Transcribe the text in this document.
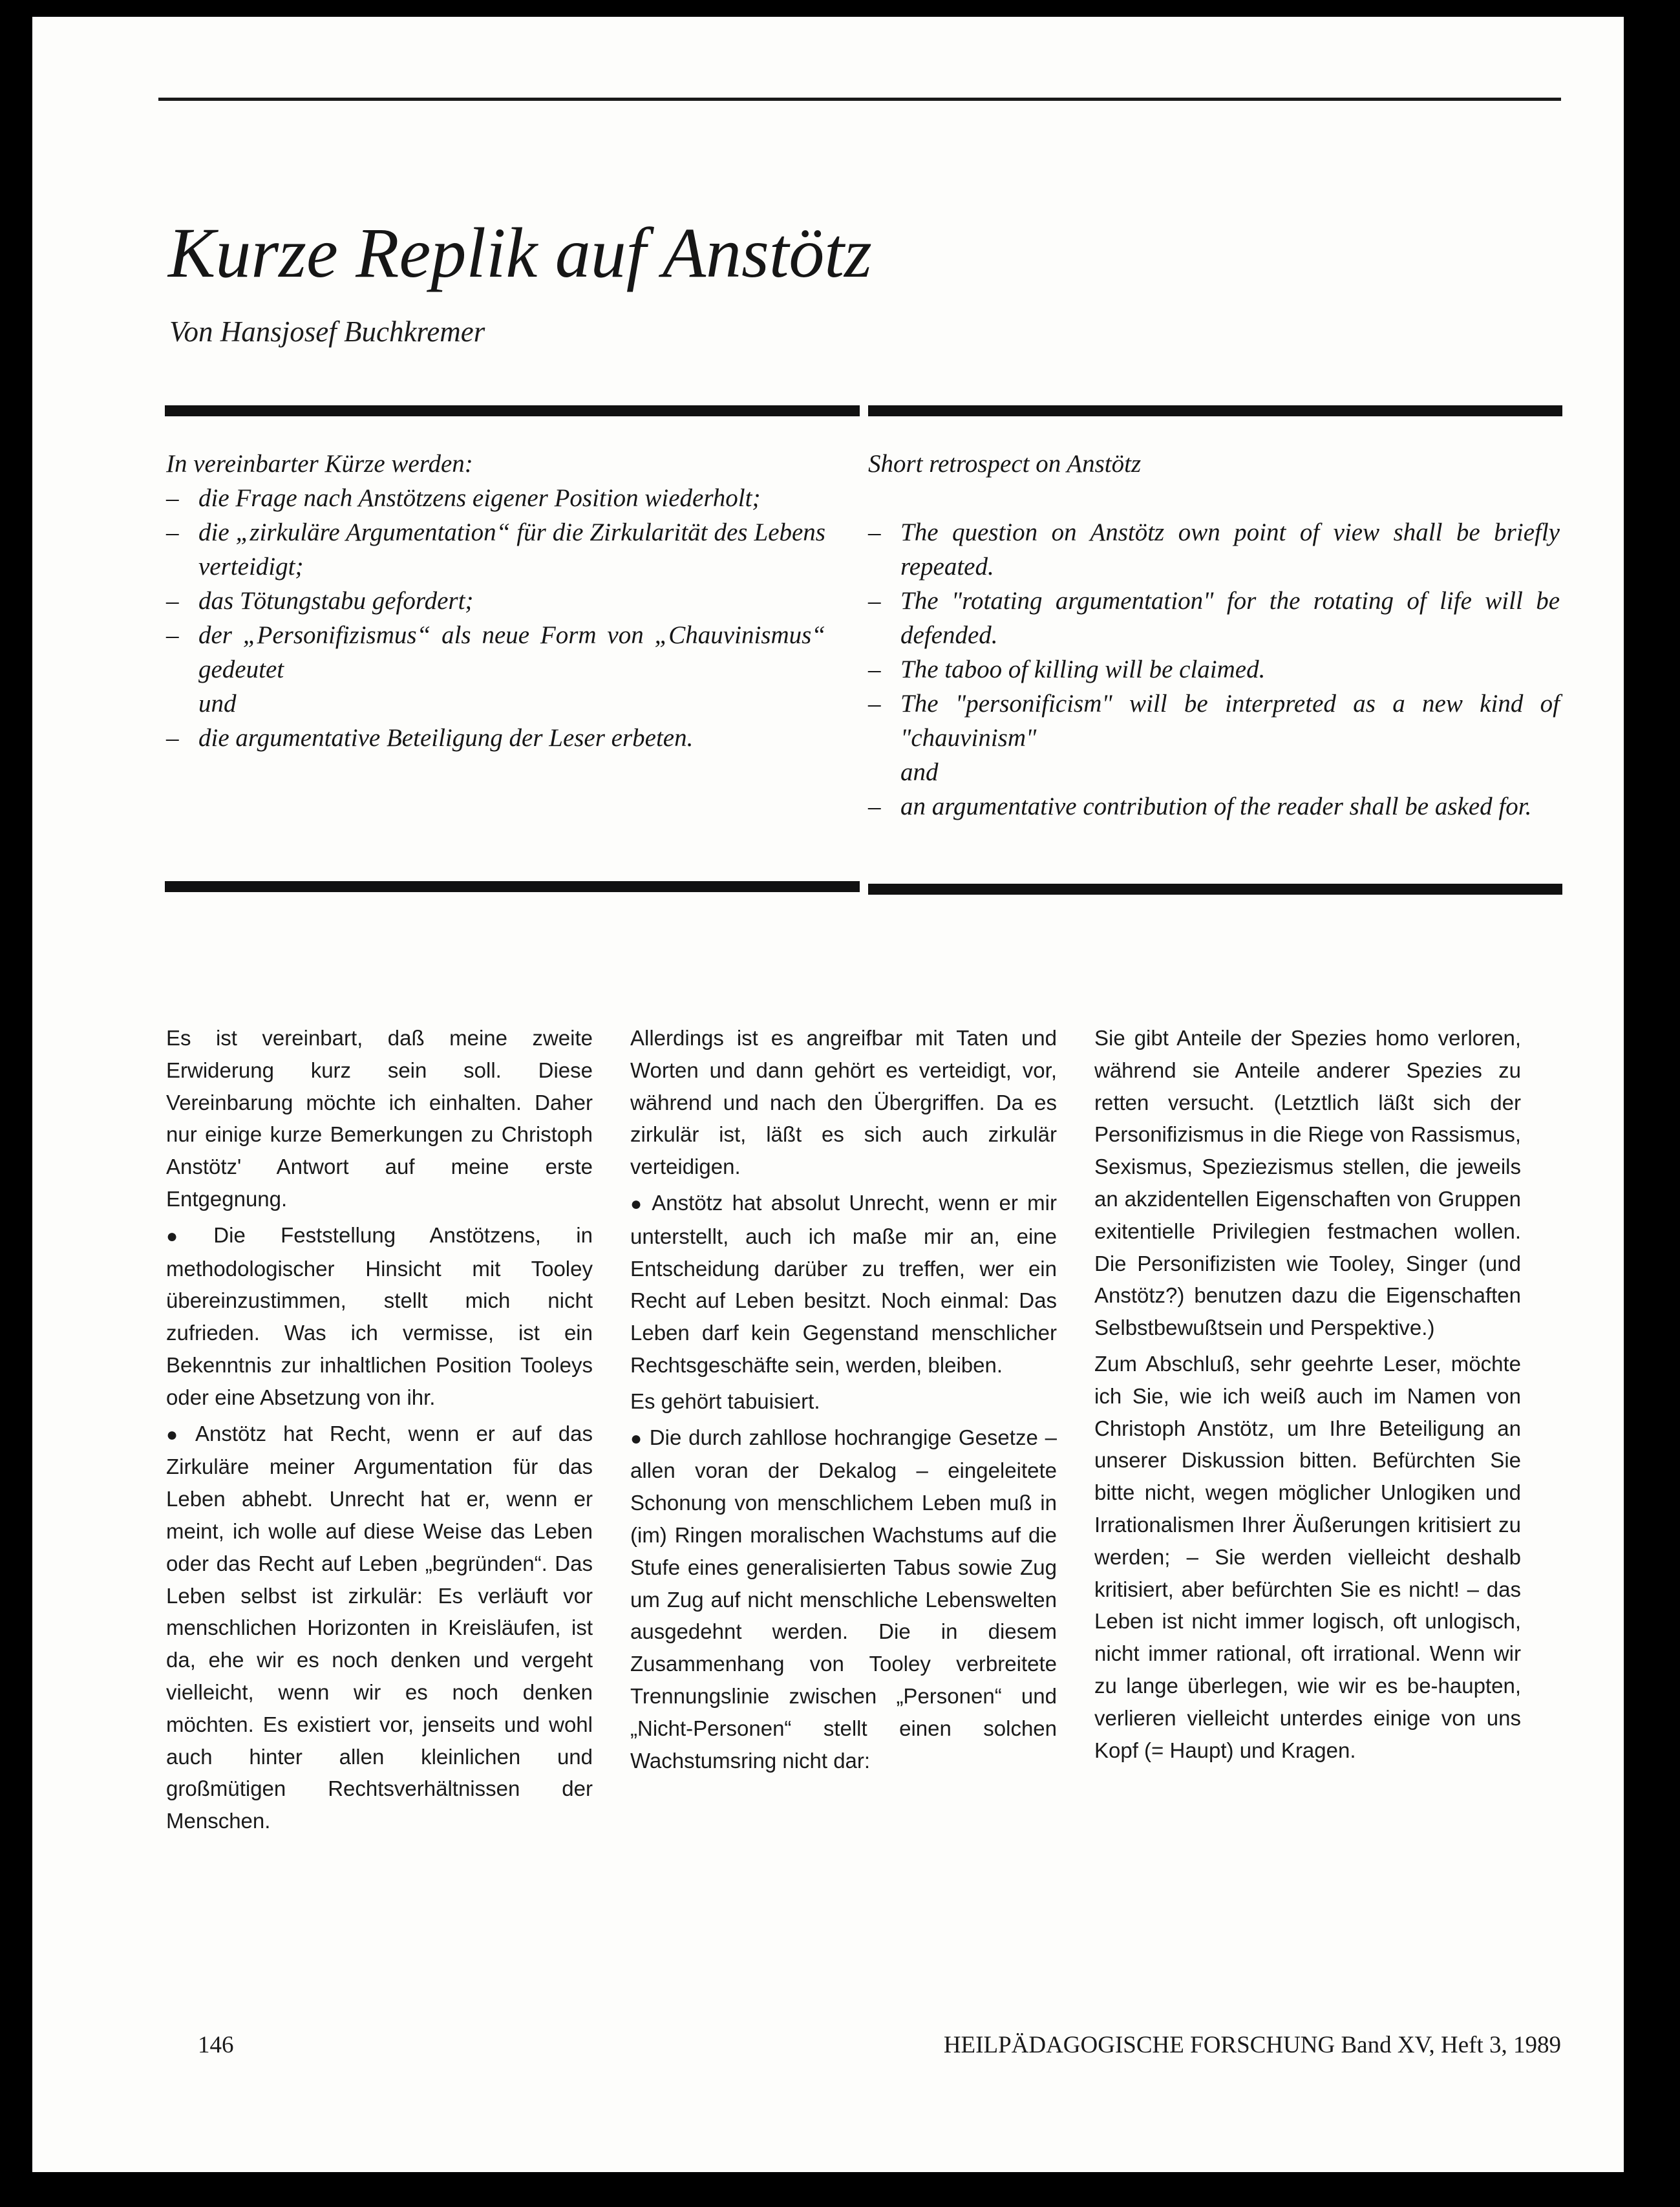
Kurze Replik auf Anstötz
Von Hansjosef Buchkremer
In vereinbarter Kürze werden:
– die Frage nach Anstötzens eigener Position wiederholt;
– die „zirkuläre Argumentation“ für die Zirkularität des Lebens verteidigt;
– das Tötungstabu gefordert;
– der „Personifizismus“ als neue Form von „Chauvinismus“ gedeutet
und
– die argumentative Beteiligung der Leser erbeten.
Short retrospect on Anstötz
– The question on Anstötz own point of view shall be briefly repeated.
– The "rotating argumentation" for the rotating of life will be defended.
– The taboo of killing will be claimed.
– The "personificism" will be interpreted as a new kind of "chauvinism"
and
– an argumentative contribution of the reader shall be asked for.

Es ist vereinbart, daß meine zweite Erwiderung kurz sein soll. Diese Vereinbarung möchte ich einhalten. Daher nur einige kurze Bemerkungen zu Christoph Anstötz' Antwort auf meine erste Entgegnung.

● Die Feststellung Anstötzens, in methodologischer Hinsicht mit Tooley übereinzustimmen, stellt mich nicht zufrieden. Was ich vermisse, ist ein Bekenntnis zur inhaltlichen Position Tooleys oder eine Absetzung von ihr.

● Anstötz hat Recht, wenn er auf das Zirkuläre meiner Argumentation für das Leben abhebt. Unrecht hat er, wenn er meint, ich wolle auf diese Weise das Leben oder das Recht auf Leben „begründen“. Das Leben selbst ist zirkulär: Es verläuft vor menschlichen Horizonten in Kreisläufen, ist da, ehe wir es noch denken und vergeht vielleicht, wenn wir es noch denken möchten. Es existiert vor, jenseits und wohl auch hinter allen kleinlichen und großmütigen Rechtsverhältnissen der Menschen.

Allerdings ist es angreifbar mit Taten und Worten und dann gehört es verteidigt, vor, während und nach den Übergriffen. Da es zirkulär ist, läßt es sich auch zirkulär verteidigen.

● Anstötz hat absolut Unrecht, wenn er mir unterstellt, auch ich maße mir an, eine Entscheidung darüber zu treffen, wer ein Recht auf Leben besitzt. Noch einmal: Das Leben darf kein Gegenstand menschlicher Rechtsgeschäfte sein, werden, bleiben.

Es gehört tabuisiert.

● Die durch zahllose hochrangige Gesetze – allen voran der Dekalog – eingeleitete Schonung von menschlichem Leben muß in (im) Ringen moralischen Wachstums auf die Stufe eines generalisierten Tabus sowie Zug um Zug auf nicht menschliche Lebenswelten ausgedehnt werden. Die in diesem Zusammenhang von Tooley verbreitete Trennungslinie zwischen „Personen“ und „Nicht-Personen“ stellt einen solchen Wachstumsring nicht dar:

Sie gibt Anteile der Spezies homo verloren, während sie Anteile anderer Spezies zu retten versucht. (Letztlich läßt sich der Personifizismus in die Riege von Rassismus, Sexismus, Speziezismus stellen, die jeweils an akzidentellen Eigenschaften von Gruppen exitentielle Privilegien festmachen wollen. Die Personifizisten wie Tooley, Singer (und Anstötz?) benutzen dazu die Eigenschaften Selbstbewußtsein und Perspektive.)

Zum Abschluß, sehr geehrte Leser, möchte ich Sie, wie ich weiß auch im Namen von Christoph Anstötz, um Ihre Beteiligung an unserer Diskussion bitten. Befürchten Sie bitte nicht, wegen möglicher Unlogiken und Irrationalismen Ihrer Äußerungen kritisiert zu werden; – Sie werden vielleicht deshalb kritisiert, aber befürchten Sie es nicht! – das Leben ist nicht immer logisch, oft unlogisch, nicht immer rational, oft irrational. Wenn wir zu lange überlegen, wie wir es be-haupten, verlieren vielleicht unterdes einige von uns Kopf (= Haupt) und Kragen.

146	HEILPÄDAGOGISCHE FORSCHUNG Band XV, Heft 3, 1989
